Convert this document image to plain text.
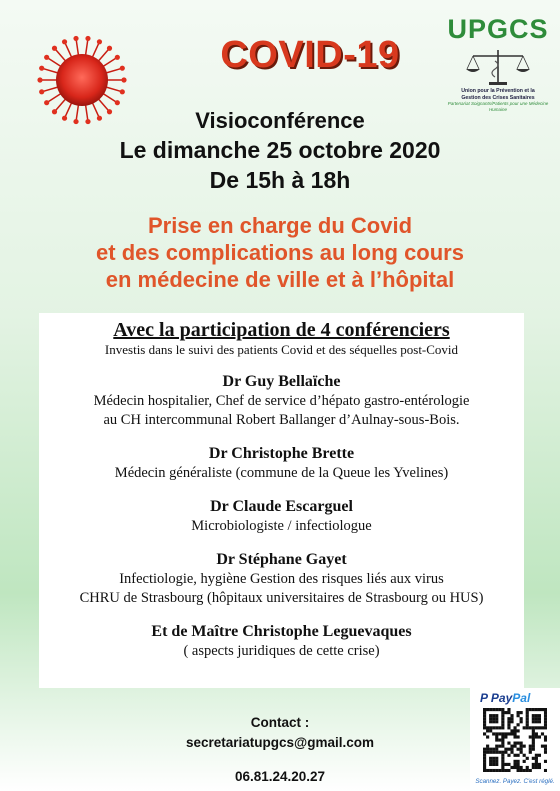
COVID-19
UPGCS
Union pour la Prévention et la
Gestion des Crises Sanitaires
Partenariat Soignants/Patients pour une Médecine Humaine
Visioconférence
Le dimanche 25 octobre 2020
De 15h à 18h
Prise en charge du Covid
et des complications au long cours
en médecine de ville et à l’hôpital
Avec la participation de 4 conférenciers
Investis dans le suivi des patients Covid et des séquelles post-Covid
Dr Guy Bellaïche
Médecin hospitalier, Chef de service d’hépato gastro-entérologie
au CH intercommunal Robert Ballanger d’Aulnay-sous-Bois.
Dr Christophe Brette
Médecin généraliste (commune de la Queue les Yvelines)
Dr Claude Escarguel
Microbiologiste / infectiologue
Dr Stéphane Gayet
Infectiologie, hygiène Gestion des risques liés aux virus
CHRU de Strasbourg (hôpitaux universitaires de Strasbourg ou HUS)
Et de Maître Christophe Leguevaques
( aspects juridiques de cette crise)
Contact :
secretariatupgcs@gmail.com
06.81.24.20.27
P PayPal
Scannez. Payez. C'est réglé.
